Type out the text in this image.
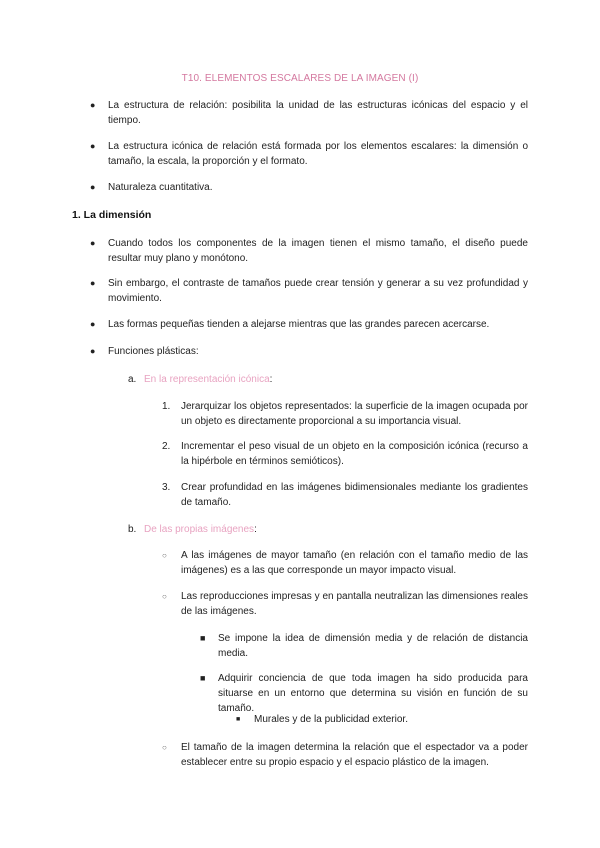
T10. ELEMENTOS ESCALARES DE LA IMAGEN (I)
● La estructura de relación: posibilita la unidad de las estructuras icónicas del espacio y el tiempo.
● La estructura icónica de relación está formada por los elementos escalares: la dimensión o tamaño, la escala, la proporción y el formato.
● Naturaleza cuantitativa.
1. La dimensión
● Cuando todos los componentes de la imagen tienen el mismo tamaño, el diseño puede resultar muy plano y monótono.
● Sin embargo, el contraste de tamaños puede crear tensión y generar a su vez profundidad y movimiento.
● Las formas pequeñas tienden a alejarse mientras que las grandes parecen acercarse.
● Funciones plásticas:
a. En la representación icónica:
1. Jerarquizar los objetos representados: la superficie de la imagen ocupada por un objeto es directamente proporcional a su importancia visual.
2. Incrementar el peso visual de un objeto en la composición icónica (recurso a la hipérbole en términos semióticos).
3. Crear profundidad en las imágenes bidimensionales mediante los gradientes de tamaño.
b. De las propias imágenes:
○ A las imágenes de mayor tamaño (en relación con el tamaño medio de las imágenes) es a las que corresponde un mayor impacto visual.
○ Las reproducciones impresas y en pantalla neutralizan las dimensiones reales de las imágenes.
■ Se impone la idea de dimensión media y de relación de distancia media.
■ Adquirir conciencia de que toda imagen ha sido producida para situarse en un entorno que determina su visión en función de su tamaño.
■ Murales y de la publicidad exterior.
○ El tamaño de la imagen determina la relación que el espectador va a poder establecer entre su propio espacio y el espacio plástico de la imagen.
